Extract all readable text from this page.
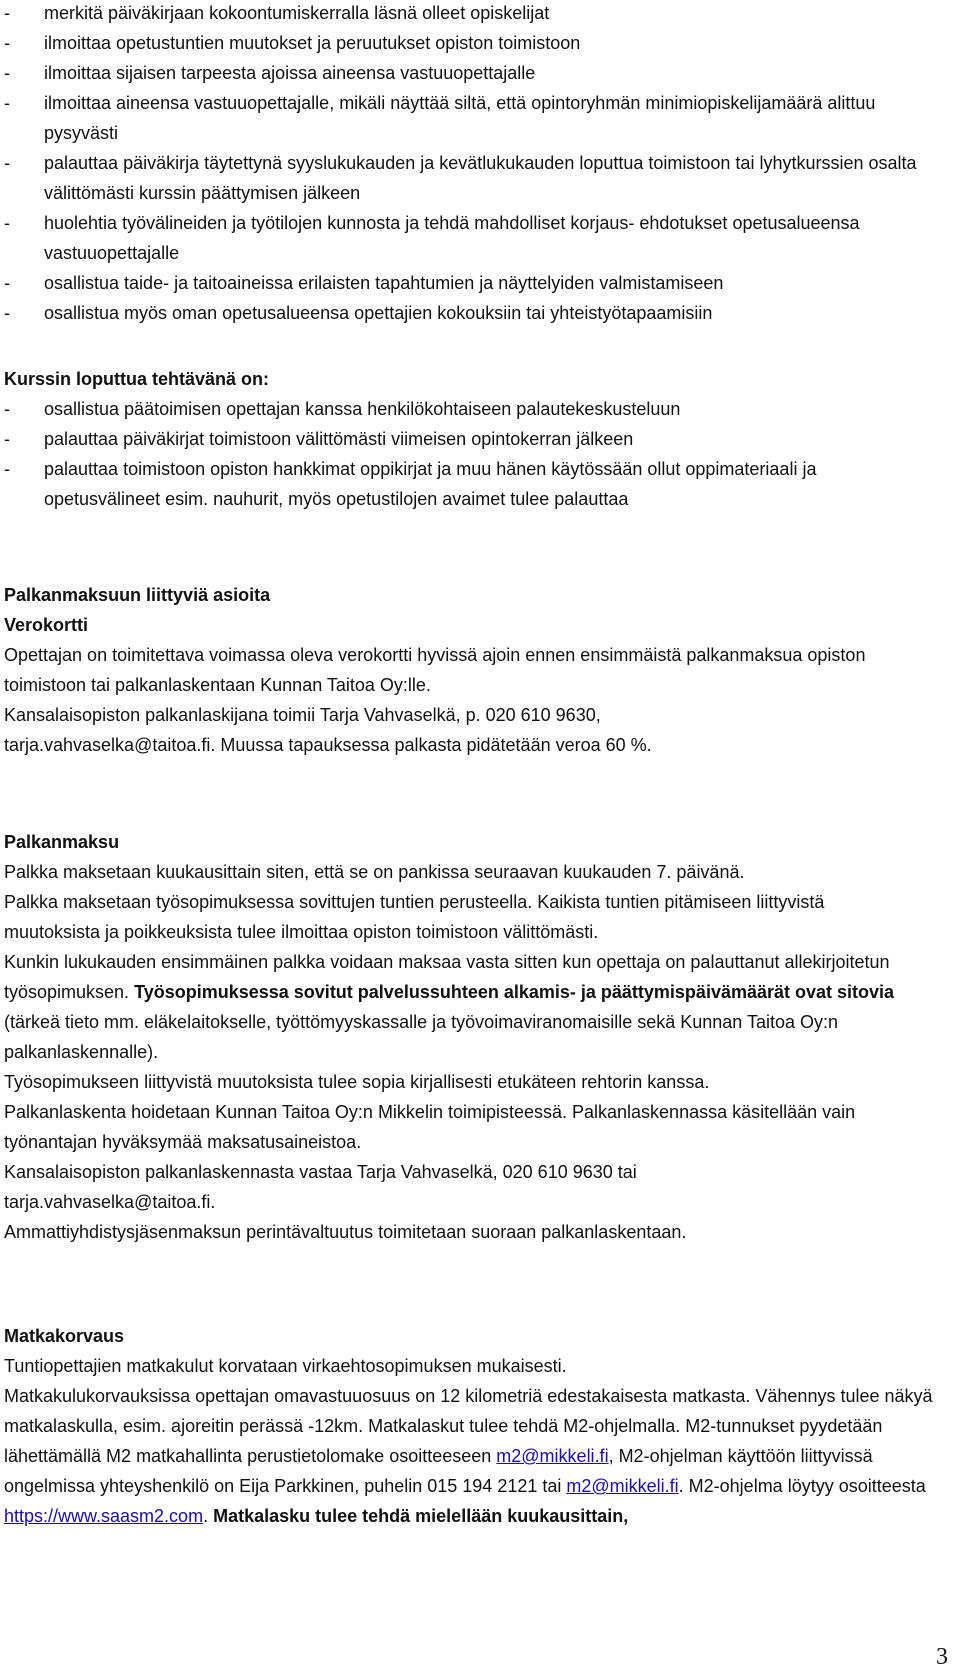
- merkitä päiväkirjaan kokoontumiskerralla läsnä olleet opiskelijat
- ilmoittaa opetustuntien muutokset ja peruutukset opiston toimistoon
- ilmoittaa sijaisen tarpeesta ajoissa aineensa vastuuopettajalle
- ilmoittaa aineensa vastuuopettajalle, mikäli näyttää siltä, että opintoryhmän minimiopiskelijamäärä alittuu pysyvästi
- palauttaa päiväkirja täytettynä syyslukukauden ja kevätlukukauden loputtua toimistoon tai lyhytkurssien osalta välittömästi kurssin päättymisen jälkeen
- huolehtia työvälineiden ja työtilojen kunnosta ja tehdä mahdolliset korjaus- ehdotukset opetusalueensa vastuuopettajalle
- osallistua taide- ja taitoaineissa erilaisten tapahtumien ja näyttelyiden valmistamiseen
- osallistua myös oman opetusalueensa opettajien kokouksiin tai yhteistyötapaamisiin
Kurssin loputtua tehtävänä on:
- osallistua päätoimisen opettajan kanssa henkilökohtaiseen palautekeskusteluun
- palauttaa päiväkirjat toimistoon välittömästi viimeisen opintokerran jälkeen
- palauttaa toimistoon opiston hankkimat oppikirjat ja muu hänen käytössään ollut oppimateriaali ja opetusvälineet esim. nauhurit, myös opetustilojen avaimet tulee palauttaa
Palkanmaksuun liittyviä asioita
Verokortti

Opettajan on toimitettava voimassa oleva verokortti hyvissä ajoin ennen ensimmäistä palkanmaksua opiston toimistoon tai palkanlaskentaan Kunnan Taitoa Oy:lle.

Kansalaisopiston palkanlaskijana toimii Tarja Vahvaselkä, p. 020 610 9630, tarja.vahvaselka@taitoa.fi. Muussa tapauksessa palkasta pidätetään veroa 60 %.

Palkanmaksu

Palkka maksetaan kuukausittain siten, että se on pankissa seuraavan kuukauden 7. päivänä.

Palkka maksetaan työsopimuksessa sovittujen tuntien perusteella. Kaikista tuntien pitämiseen liittyvistä muutoksista ja poikkeuksista tulee ilmoittaa opiston toimistoon välittömästi.

Kunkin lukukauden ensimmäinen palkka voidaan maksaa vasta sitten kun opettaja on palauttanut allekirjoitetun työsopimuksen. Työsopimuksessa sovitut palvelussuhteen alkamis- ja päättymispäivämäärät ovat sitovia (tärkeä tieto mm. eläkelaitokselle, työttömyyskassalle ja työvoimaviranomaisille sekä Kunnan Taitoa Oy:n palkanlaskennalle).

Työsopimukseen liittyvistä muutoksista tulee sopia kirjallisesti etukäteen rehtorin kanssa.

Palkanlaskenta hoidetaan Kunnan Taitoa Oy:n Mikkelin toimipisteessä. Palkanlaskennassa käsitellään vain työnantajan hyväksymää maksatusaineistoa.

Kansalaisopiston palkanlaskennasta vastaa Tarja Vahvaselkä, 020 610 9630 tai tarja.vahvaselka@taitoa.fi.

Ammattiyhdistysjäsenmaksun perintävaltuutus toimitetaan suoraan palkanlaskentaan.

Matkakorvaus

Tuntiopettajien matkakulut korvataan virkaehtosopimuksen mukaisesti.

Matkakulukorvauksissa opettajan omavastuuosuus on 12 kilometriä edestakaisesta matkasta. Vähennys tulee näkyä matkalaskulla, esim. ajoreitin perässä -12km. Matkalaskut tulee tehdä M2-ohjelmalla. M2-tunnukset pyydetään lähettämällä M2 matkahallinta perustietolomake osoitteeseen m2@mikkeli.fi, M2-ohjelman käyttöön liittyvissä ongelmissa yhteyshenkilö on Eija Parkkinen, puhelin 015 194 2121 tai m2@mikkeli.fi. M2-ohjelma löytyy osoitteesta https://www.saasm2.com. Matkalasku tulee tehdä mielellään kuukausittain,

3
